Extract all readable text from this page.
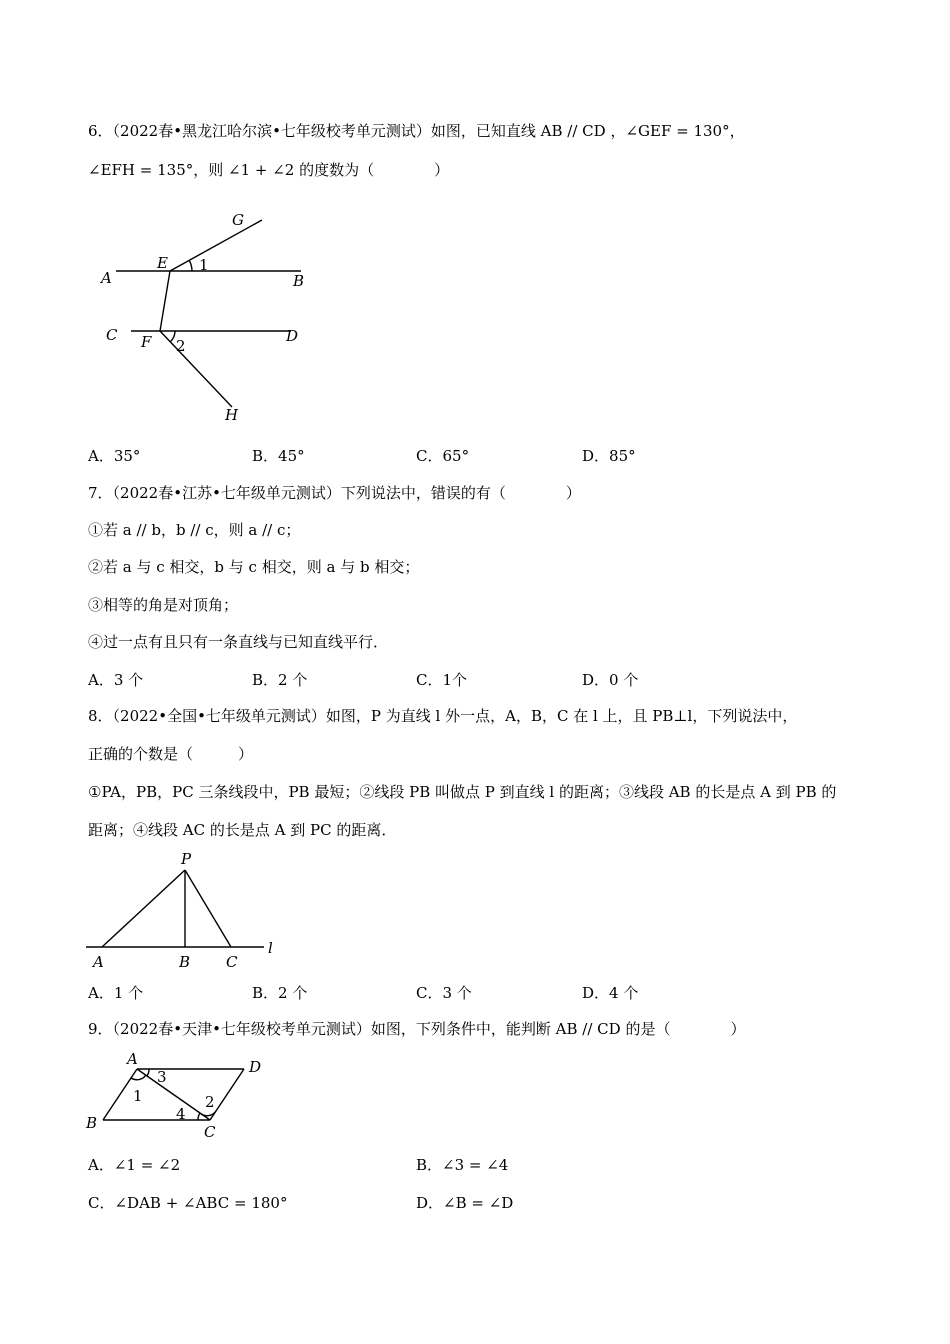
6．（2022春•黑龙江哈尔滨•七年级校考单元测试）如图，已知直线 AB // CD ，∠GEF = 130°，
∠EFH = 135°，则 ∠1 + ∠2 的度数为（　　　　）
G
E 1
A	B
C F 2
D
H
A．35°	B．45°	C．65°	D．85°
7．（2022春•江苏•七年级单元测试）下列说法中，错误的有（　　　　）
①若 a // b，b // c，则 a // c；
②若 a 与 c 相交，b 与 c 相交，则 a 与 b 相交；
③相等的角是对顶角；
④过一点有且只有一条直线与已知直线平行．
A．3 个	B．2 个	C．1个	D．0 个
8．（2022•全国•七年级单元测试）如图，P 为直线 l 外一点，A，B，C 在 l 上，且 PB⊥l，下列说法中，
正确的个数是（　　　）
①PA，PB，PC 三条线段中，PB 最短；②线段 PB 叫做点 P 到直线 l 的距离；③线段 AB 的长是点 A 到 PB 的
距离；④线段 AC 的长是点 A 到 PC 的距离．
P
A	B C
l
A．1 个	B．2 个	C．3 个	D．4 个
9．（2022春•天津•七年级校考单元测试）如图，下列条件中，能判断 AB // CD 的是（　　　　）
A	D
B	C
1
3
2
4
A．∠1 = ∠2	B．∠3 = ∠4
C．∠DAB + ∠ABC = 180°	D．∠B = ∠D
